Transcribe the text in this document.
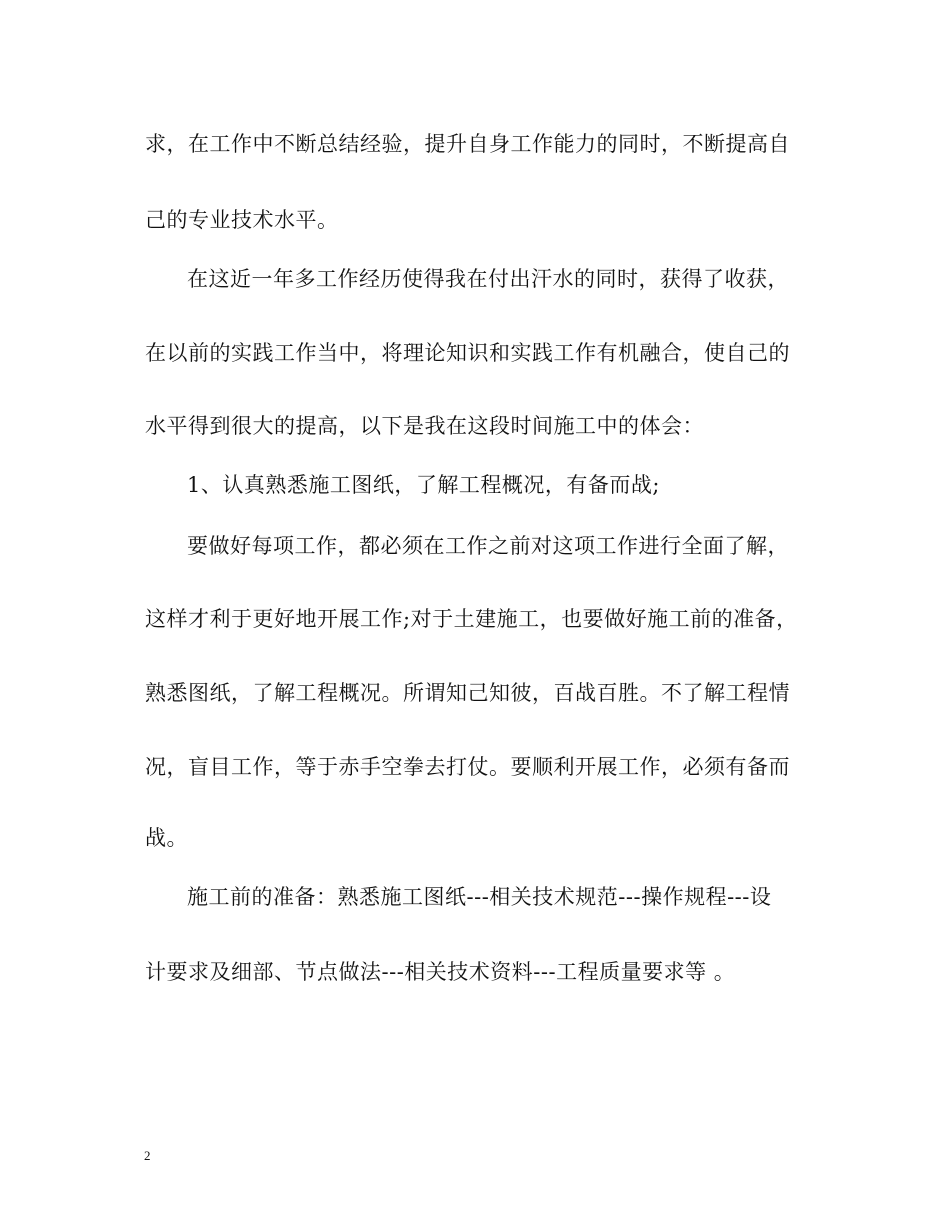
求，在工作中不断总结经验，提升自身工作能力的同时，不断提高自
己的专业技术水平。
在这近一年多工作经历使得我在付出汗水的同时，获得了收获，
在以前的实践工作当中，将理论知识和实践工作有机融合，使自己的
水平得到很大的提高，以下是我在这段时间施工中的体会：
1、认真熟悉施工图纸，了解工程概况，有备而战;
要做好每项工作，都必须在工作之前对这项工作进行全面了解，
这样才利于更好地开展工作;对于土建施工，也要做好施工前的准备，
熟悉图纸，了解工程概况。所谓知己知彼，百战百胜。不了解工程情
况，盲目工作，等于赤手空拳去打仗。要顺利开展工作，必须有备而
战。
施工前的准备：熟悉施工图纸---相关技术规范---操作规程---设
计要求及细部、节点做法---相关技术资料---工程质量要求等 。
2
